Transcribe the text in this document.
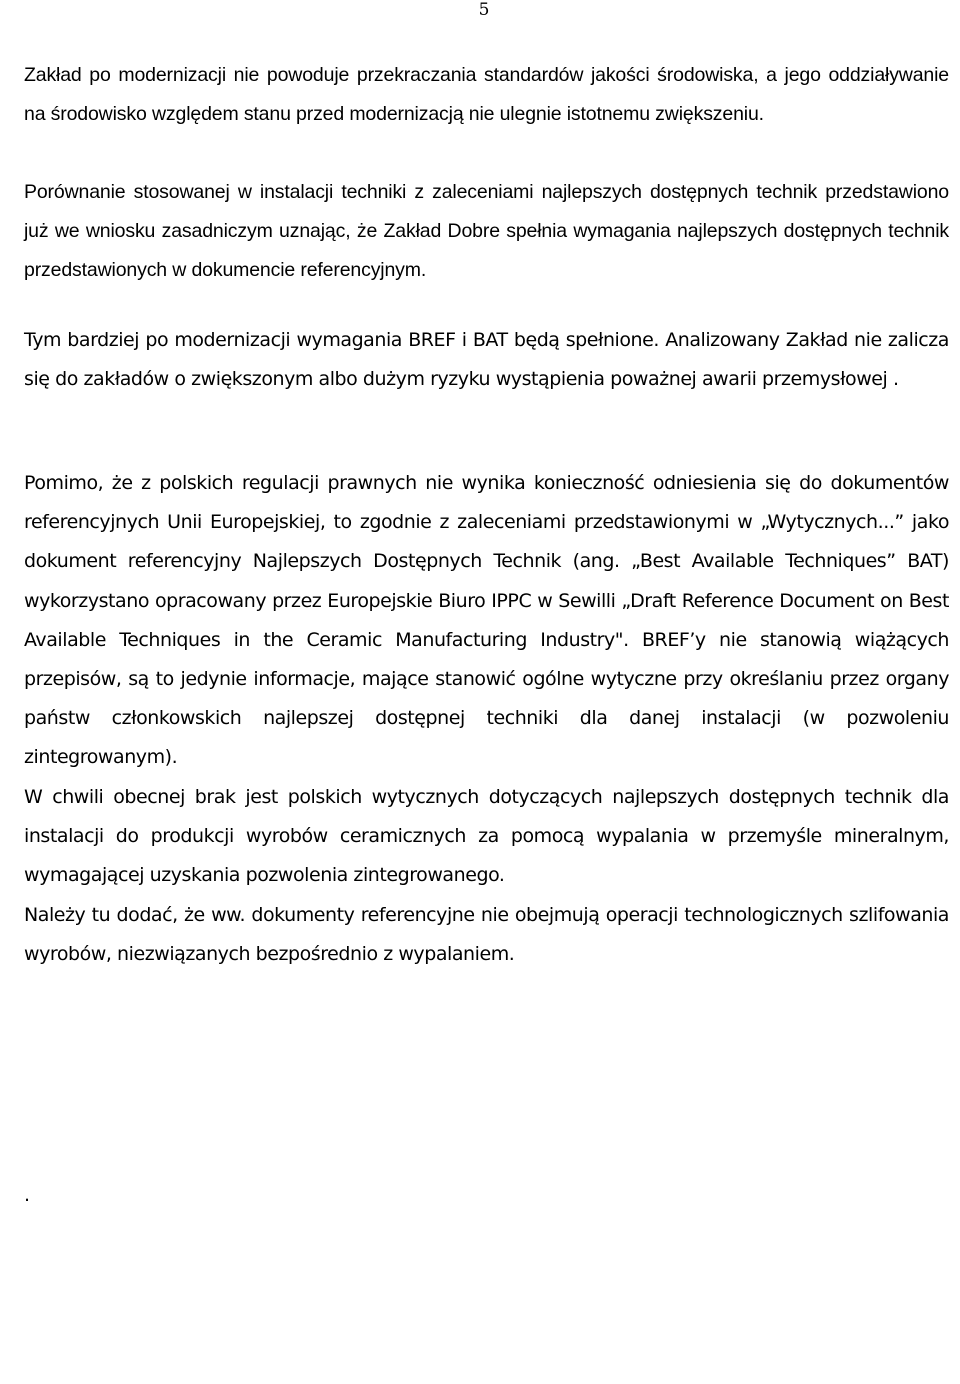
5

Zakład po modernizacji nie powoduje przekraczania standardów jakości środowiska, a jego oddziaływanie na środowisko względem stanu przed modernizacją nie ulegnie istotnemu zwiększeniu.

Porównanie stosowanej w instalacji techniki z zaleceniami najlepszych dostępnych technik przedstawiono już we wniosku zasadniczym uznając, że Zakład Dobre spełnia wymagania najlepszych dostępnych technik przedstawionych w dokumencie referencyjnym.

Tym bardziej po modernizacji wymagania BREF i BAT będą spełnione. Analizowany Zakład nie zalicza się do zakładów o zwiększonym albo dużym ryzyku wystąpienia poważnej awarii przemysłowej .

Pomimo, że z polskich regulacji prawnych nie wynika konieczność odniesienia się do dokumentów referencyjnych Unii Europejskiej, to zgodnie z zaleceniami przedstawionymi w „Wytycznych...” jako dokument referencyjny Najlepszych Dostępnych Technik (ang. „Best Available Techniques” BAT) wykorzystano opracowany przez Europejskie Biuro IPPC w Sewilli „Draft Reference Document on Best Available Techniques in the Ceramic Manufacturing Industry". BREF’y nie stanowią wiążących przepisów, są to jedynie informacje, mające stanowić ogólne wytyczne przy określaniu przez organy państw członkowskich najlepszej dostępnej techniki dla danej instalacji (w pozwoleniu zintegrowanym).

W chwili obecnej brak jest polskich wytycznych dotyczących najlepszych dostępnych technik dla instalacji do produkcji wyrobów ceramicznych za pomocą wypalania w przemyśle mineralnym, wymagającej uzyskania pozwolenia zintegrowanego.

Należy tu dodać, że ww. dokumenty referencyjne nie obejmują operacji technologicznych szlifowania wyrobów, niezwiązanych bezpośrednio z wypalaniem.

.
